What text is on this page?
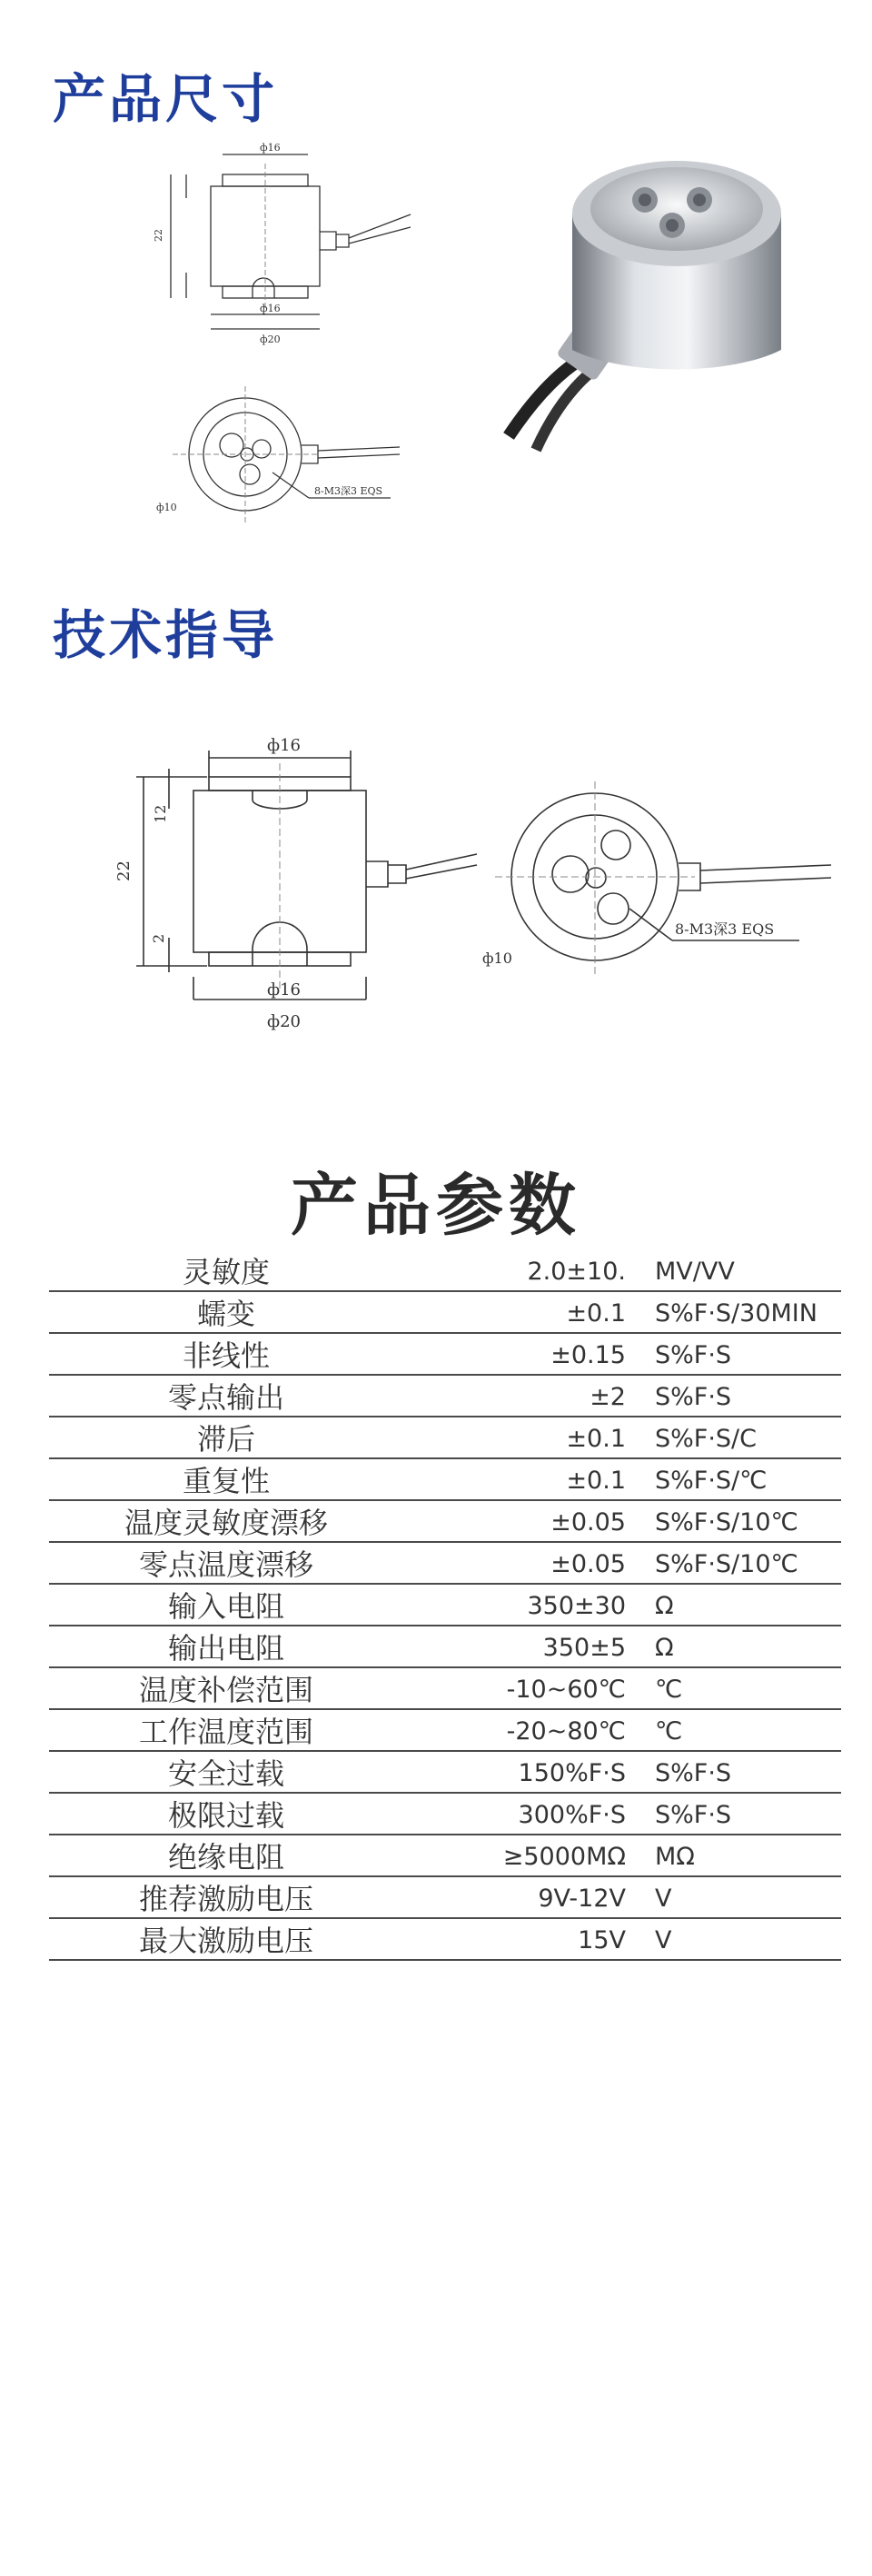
产品尺寸
ф16
22
ф16
ф20
ф10
8-M3深3 EQS
技术指导
ф16
12
22
2
ф16
ф20
ф10
8-M3深3 EQS
产品参数
灵敏度	2.0±10.	MV/VV
蠕变	±0.1	S%F·S/30MIN
非线性	±0.15	S%F·S
零点输出	±2	S%F·S
滞后	±0.1	S%F·S/C
重复性	±0.1	S%F·S/℃
温度灵敏度漂移	±0.05	S%F·S/10℃
零点温度漂移	±0.05	S%F·S/10℃
输入电阻	350±30	Ω
输出电阻	350±5	Ω
温度补偿范围	-10~60℃	℃
工作温度范围	-20~80℃	℃
安全过载	150%F·S	S%F·S
极限过载	300%F·S	S%F·S
绝缘电阻	≥5000MΩ	MΩ
推荐激励电压	9V-12V	V
最大激励电压	15V	V
